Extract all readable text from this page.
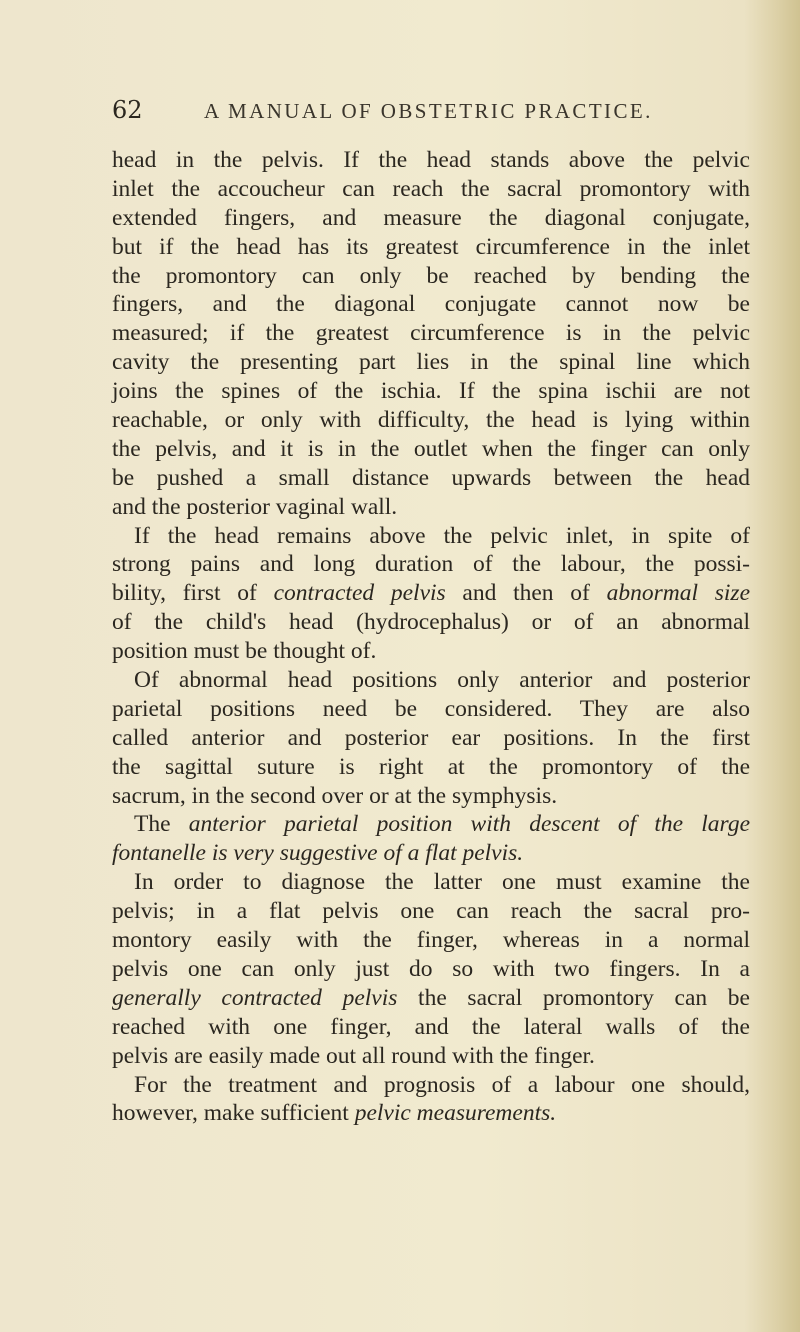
62	A MANUAL OF OBSTETRIC PRACTICE.
head in the pelvis. If the head stands above the pelvic
inlet the accoucheur can reach the sacral promontory with
extended fingers, and measure the diagonal conjugate,
but if the head has its greatest circumference in the inlet
the promontory can only be reached by bending the
fingers, and the diagonal conjugate cannot now be
measured; if the greatest circumference is in the pelvic
cavity the presenting part lies in the spinal line which
joins the spines of the ischia. If the spina ischii are not
reachable, or only with difficulty, the head is lying within
the pelvis, and it is in the outlet when the finger can only
be pushed a small distance upwards between the head
and the posterior vaginal wall.
If the head remains above the pelvic inlet, in spite of
strong pains and long duration of the labour, the possi-
bility, first of contracted pelvis and then of abnormal size
of the child's head (hydrocephalus) or of an abnormal
position must be thought of.
Of abnormal head positions only anterior and posterior
parietal positions need be considered. They are also
called anterior and posterior ear positions. In the first
the sagittal suture is right at the promontory of the
sacrum, in the second over or at the symphysis.
The anterior parietal position with descent of the large
fontanelle is very suggestive of a flat pelvis.
In order to diagnose the latter one must examine the
pelvis; in a flat pelvis one can reach the sacral pro-
montory easily with the finger, whereas in a normal
pelvis one can only just do so with two fingers. In a
generally contracted pelvis the sacral promontory can be
reached with one finger, and the lateral walls of the
pelvis are easily made out all round with the finger.
For the treatment and prognosis of a labour one should,
however, make sufficient pelvic measurements.
